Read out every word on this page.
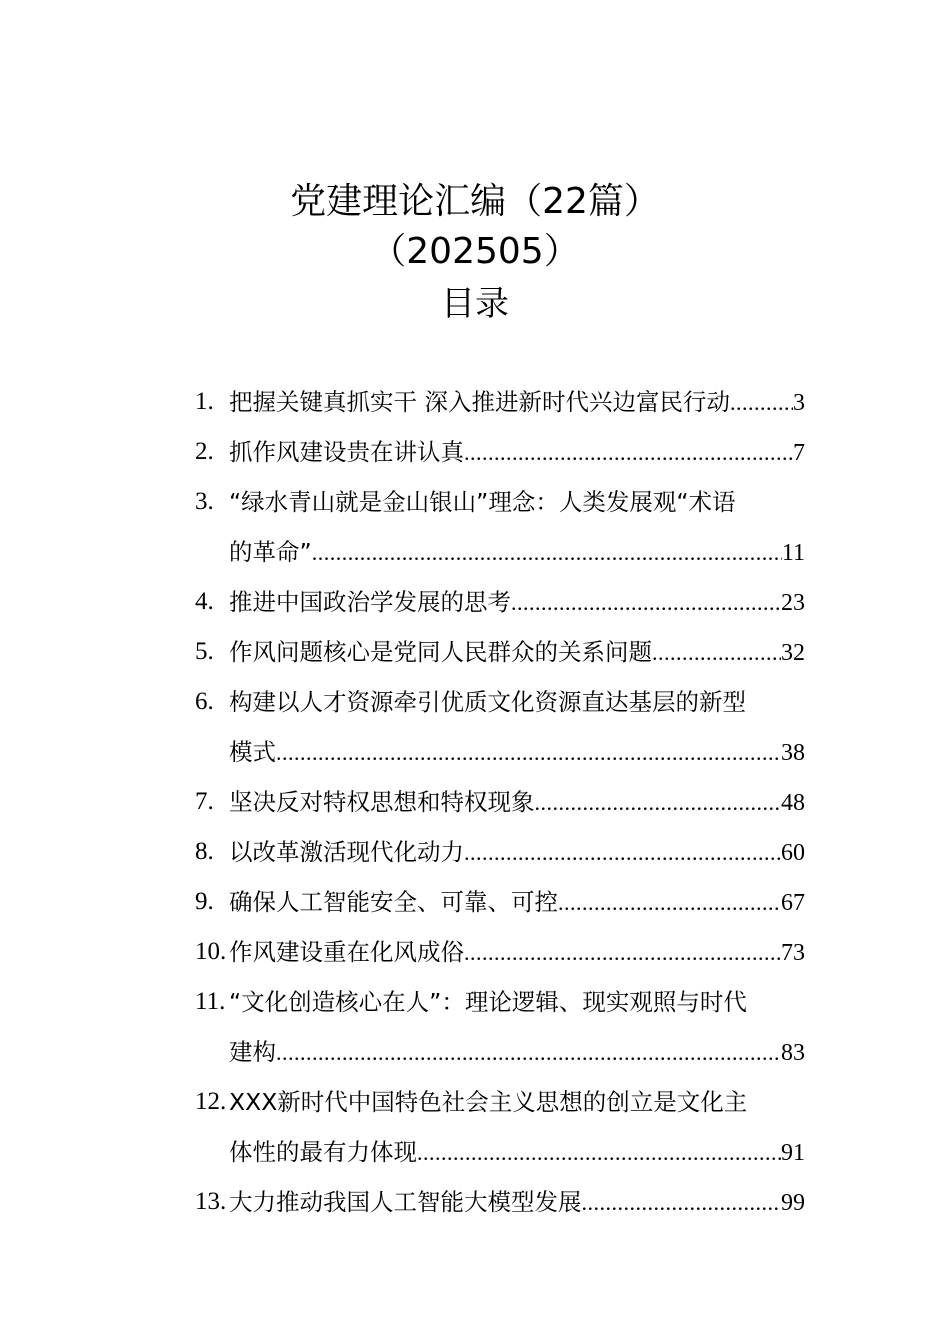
党建理论汇编（22篇）
（202505）
目录
1. 把握关键真抓实干 深入推进新时代兴边富民行动 .....	3
2. 抓作风建设贵在讲认真 .....	7
3. “绿水青山就是金山银山”理念：人类发展观“术语
的革命” .....	11
4. 推进中国政治学发展的思考 .....	23
5. 作风问题核心是党同人民群众的关系问题 .....	32
6. 构建以人才资源牵引优质文化资源直达基层的新型
模式 .....	38
7. 坚决反对特权思想和特权现象 .....	48
8. 以改革激活现代化动力 .....	60
9. 确保人工智能安全、可靠、可控 .....	67
10. 作风建设重在化风成俗 .....	73
11. “文化创造核心在人”：理论逻辑、现实观照与时代
建构 .....	83
12. XXX新时代中国特色社会主义思想的创立是文化主
体性的最有力体现 .....	91
13. 大力推动我国人工智能大模型发展 .....	99
